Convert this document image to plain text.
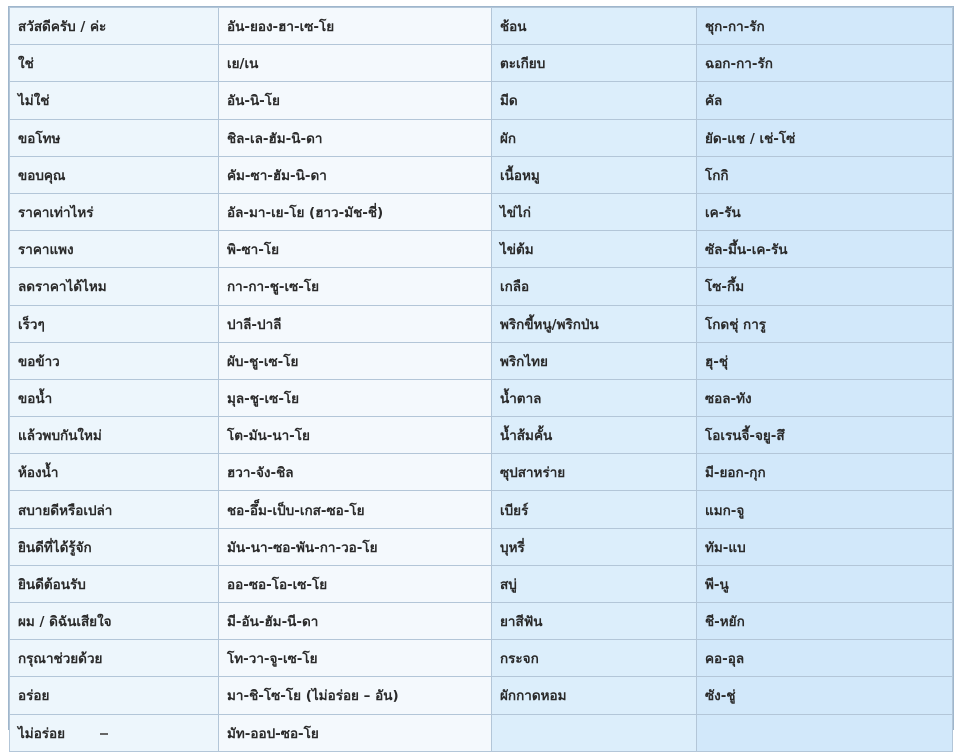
สวัสดีครับ / ค่ะ	อัน-ยอง-ฮา-เซ-โย	ช้อน	ชุก-กา-รัก
ใช่	เย/เน	ตะเกียบ	ฉอก-กา-รัก
ไม่ใช่	อัน-นิ-โย	มีด	คัล
ขอโทษ	ชิล-เล-ฮัม-นิ-ดา	ผัก	ยัด-แช / เช่-โซ่
ขอบคุณ	คัม-ซา-ฮัม-นิ-ดา	เนื้อหมู	โกกิ
ราคาเท่าไหร่	อัล-มา-เย-โย (ฮาว-มัช-ชี่)	ไข่ไก่	เค-รัน
ราคาแพง	พิ-ซา-โย	ไข่ต้ม	ซัล-มึ้น-เค-รัน
ลดราคาได้ไหม	กา-กา-ชู-เซ-โย	เกลือ	โซ-กึ้ม
เร็วๆ	ปาลี-ปาลี	พริกขี้หนู/พริกป่น	โกดชุ่ การู
ขอข้าว	ผับ-ชู-เซ-โย	พริกไทย	ฮุ-ชุ่
ขอน้ำ	มุล-ชู-เซ-โย	น้ำตาล	ซอล-ทัง
แล้วพบกันใหม่	โต-มัน-นา-โย	น้ำส้มคั้น	โอเรนจี้-จยู-สึ
ห้องน้ำ	ฮวา-จัง-ชิล	ซุปสาหร่าย	มี-ยอก-กุก
สบายดีหรือเปล่า	ชอ-อึ็ม-เป็บ-เกส-ซอ-โย	เบียร์	แมก-จู
ยินดีที่ได้รู้จัก	มัน-นา-ซอ-พัน-กา-วอ-โย	บุหรี่	ทัม-แบ
ยินดีต้อนรับ	ออ-ซอ-โอ-เซ-โย	สบู่	พี-นู
ผม / ดิฉันเสียใจ	มี-อัน-ฮัม-นี-ดา	ยาสีฟัน	ชี-หยัก
กรุณาช่วยด้วย	โท-วา-จู-เซ-โย	กระจก	คอ-อุล
อร่อย	มา-ชิ-โซ-โย (ไม่อร่อย – อัน)	ผักกาดหอม	ซัง-ชู่
ไม่อร่อย	มัท-ออป-ซอ-โย		
